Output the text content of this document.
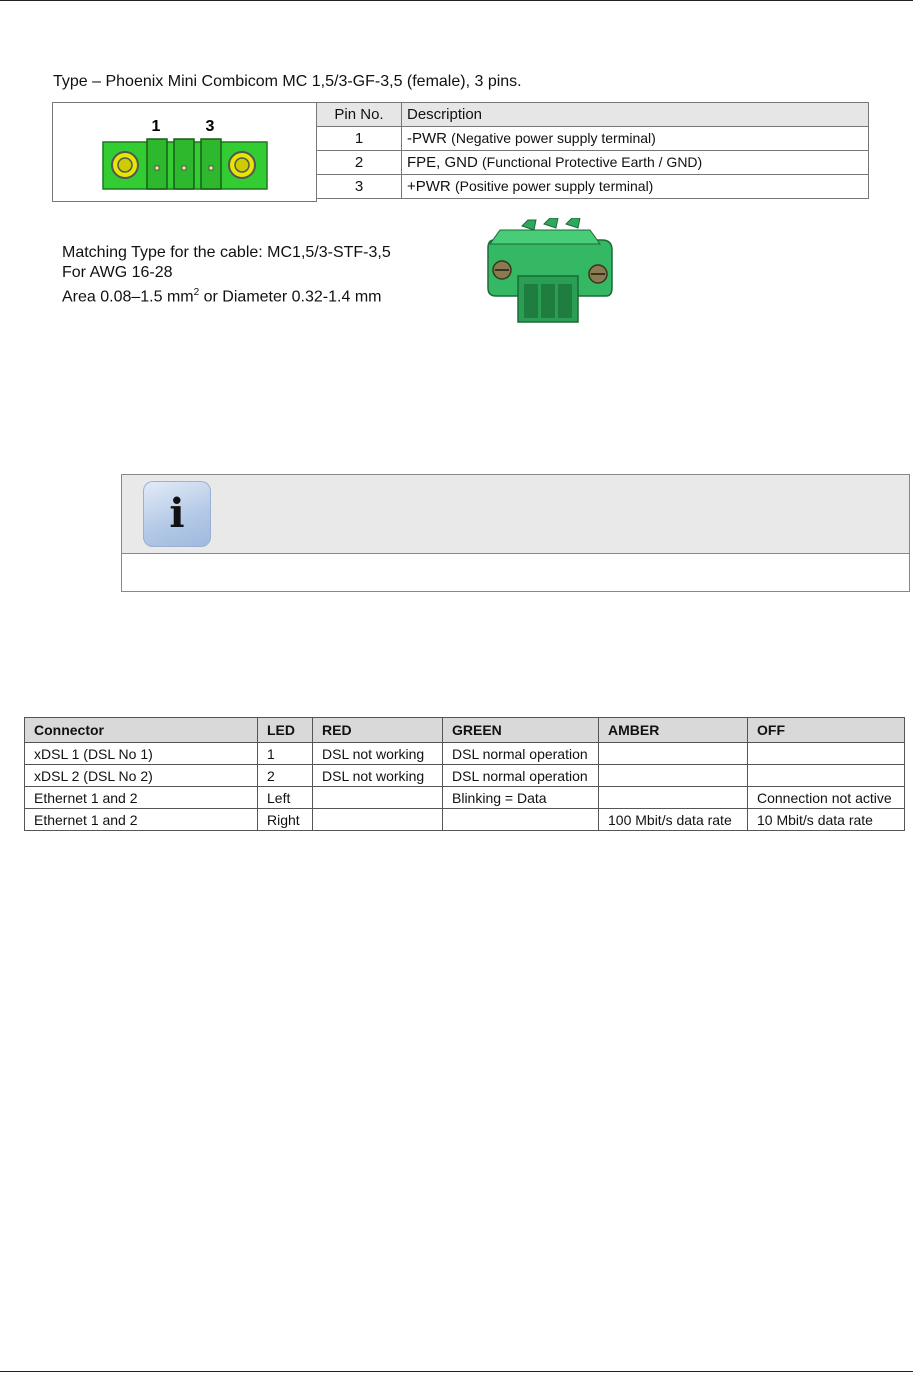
Type – Phoenix Mini Combicom MC 1,5/3-GF-3,5 (female), 3 pins.
1	3
Pin No.	Description
1	-PWR (Negative power supply terminal)
2	FPE, GND (Functional Protective Earth / GND)
3	+PWR (Positive power supply terminal)
Matching Type for the cable: MC1,5/3-STF-3,5
For AWG 16-28
Area 0.08–1.5 $mm^2$ or Diameter 0.32-1.4 mm
i
Connector	LED	RED	GREEN	AMBER	OFF
xDSL 1 (DSL No 1)	1	DSL not working	DSL normal operation		
xDSL 2 (DSL No 2)	2	DSL not working	DSL normal operation		
Ethernet 1 and 2	Left		Blinking = Data		Connection not active
Ethernet 1 and 2	Right			100 Mbit/s data rate	10 Mbit/s data rate
